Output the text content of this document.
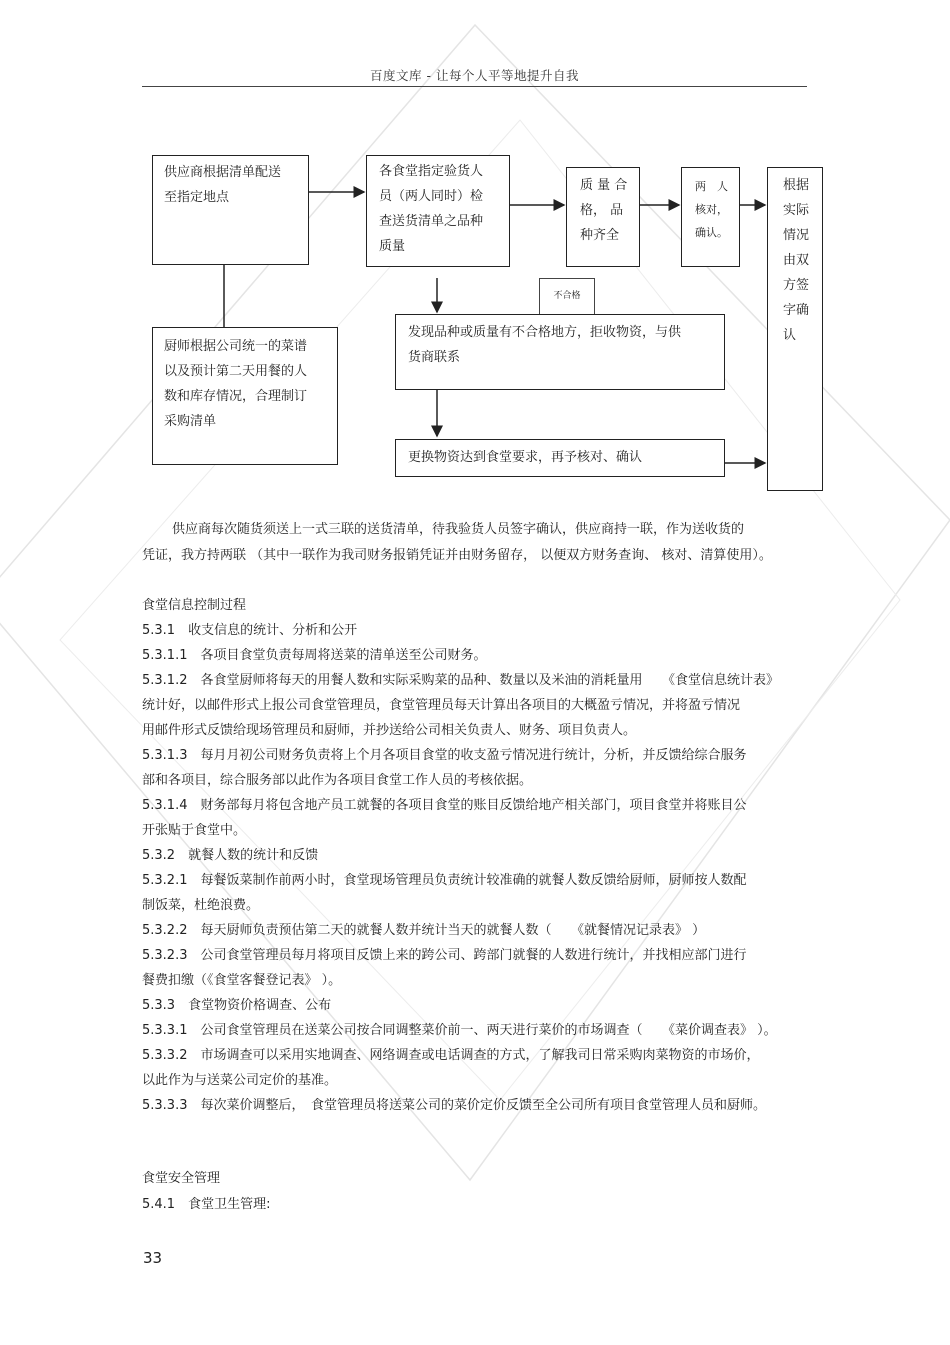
百度文库 - 让每个人平等地提升自我
供应商根据清单配送
至指定地点
厨师根据公司统一的菜谱
以及预计第二天用餐的人
数和库存情况，合理制订
采购清单
各食堂指定验货人
员（两人同时）检
查送货清单之品种
质量
质 量 合
格， 品
种齐全
两　人
核对，
确认。
根据
实际
情况
由双
方签
字确
认
不合格
发现品种或质量有不合格地方，拒收物资，与供
货商联系
更换物资达到食堂要求，再予核对、确认
供应商每次随货须送上一式三联的送货清单，待我验货人员签字确认，供应商持一联，作为送收货的
凭证，我方持两联 （其中一联作为我司财务报销凭证并由财务留存， 以便双方财务查询、 核对、清算使用）。
食堂信息控制过程
5.3.1　收支信息的统计、分析和公开
5.3.1.1　各项目食堂负责每周将送菜的清单送至公司财务。
5.3.1.2　各食堂厨师将每天的用餐人数和实际采购菜的品种、数量以及米油的消耗量用　　《食堂信息统计表》
统计好，以邮件形式上报公司食堂管理员，食堂管理员每天计算出各项目的大概盈亏情况，并将盈亏情况
用邮件形式反馈给现场管理员和厨师，并抄送给公司相关负责人、财务、项目负责人。
5.3.1.3　每月月初公司财务负责将上个月各项目食堂的收支盈亏情况进行统计，分析，并反馈给综合服务
部和各项目，综合服务部以此作为各项目食堂工作人员的考核依据。
5.3.1.4　财务部每月将包含地产员工就餐的各项目食堂的账目反馈给地产相关部门，项目食堂并将账目公
开张贴于食堂中。
5.3.2　就餐人数的统计和反馈
5.3.2.1　每餐饭菜制作前两小时，食堂现场管理员负责统计较准确的就餐人数反馈给厨师，厨师按人数配
制饭菜，杜绝浪费。
5.3.2.2　每天厨师负责预估第二天的就餐人数并统计当天的就餐人数（　　《就餐情况记录表》 ）
5.3.2.3　公司食堂管理员每月将项目反馈上来的跨公司、跨部门就餐的人数进行统计，并找相应部门进行
餐费扣缴（《食堂客餐登记表》 ）。
5.3.3　食堂物资价格调查、公布
5.3.3.1　公司食堂管理员在送菜公司按合同调整菜价前一、两天进行菜价的市场调查（　　《菜价调查表》 ）。
5.3.3.2　市场调查可以采用实地调查、网络调查或电话调查的方式，了解我司日常采购肉菜物资的市场价，
以此作为与送菜公司定价的基准。
5.3.3.3　每次菜价调整后，　食堂管理员将送菜公司的菜价定价反馈至全公司所有项目食堂管理人员和厨师。
食堂安全管理
5.4.1　食堂卫生管理:
33
